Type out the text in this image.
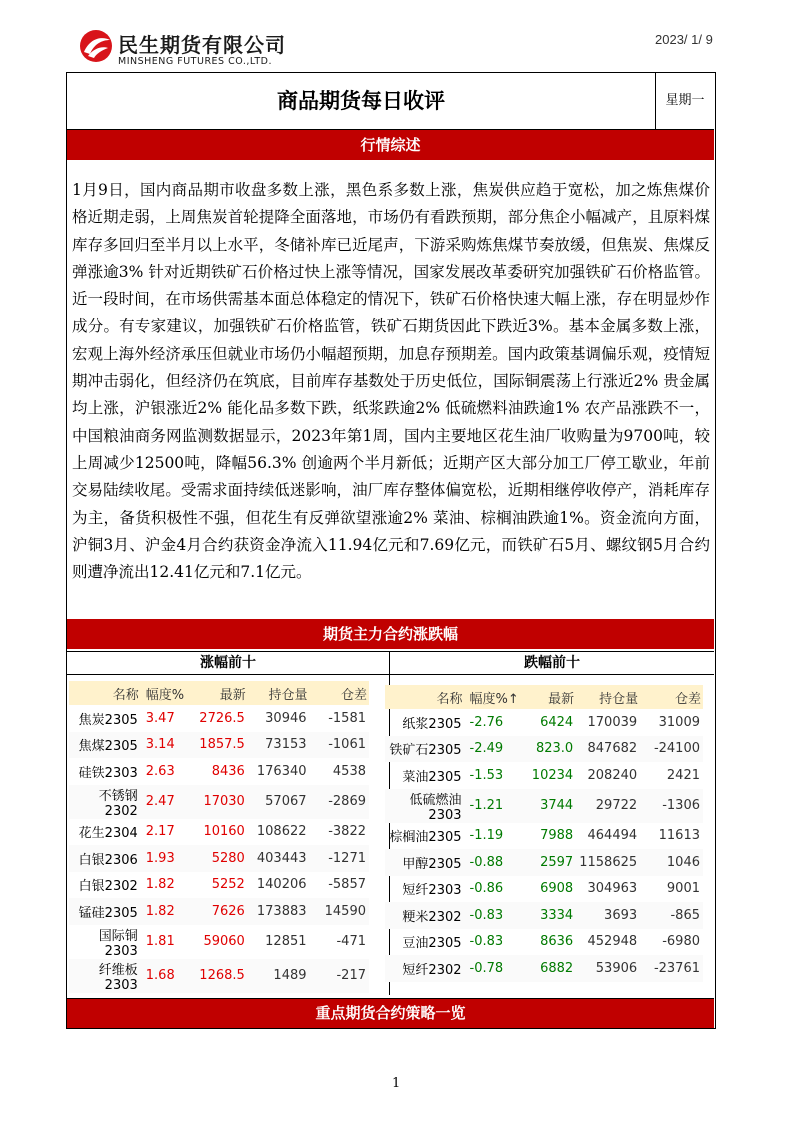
民生期货有限公司
MINSHENG FUTURES CO.,LTD.
2023/ 1/ 9
商品期货每日收评	星期一
行情综述
1月9日，国内商品期市收盘多数上涨，黑色系多数上涨，焦炭供应趋于宽松，加之炼焦煤价格近期走弱，上周焦炭首轮提降全面落地，市场仍有看跌预期，部分焦企小幅减产，且原料煤库存多回归至半月以上水平，冬储补库已近尾声，下游采购炼焦煤节奏放缓，但焦炭、焦煤反弹涨逾3% 针对近期铁矿石价格过快上涨等情况，国家发展改革委研究加强铁矿石价格监管。近一段时间，在市场供需基本面总体稳定的情况下，铁矿石价格快速大幅上涨，存在明显炒作成分。有专家建议，加强铁矿石价格监管，铁矿石期货因此下跌近3%。基本金属多数上涨，宏观上海外经济承压但就业市场仍小幅超预期，加息存预期差。国内政策基调偏乐观，疫情短期冲击弱化，但经济仍在筑底，目前库存基数处于历史低位，国际铜震荡上行涨近2% 贵金属均上涨，沪银涨近2% 能化品多数下跌，纸浆跌逾2% 低硫燃料油跌逾1% 农产品涨跌不一，中国粮油商务网监测数据显示，2023年第1周，国内主要地区花生油厂收购量为9700吨，较上周减少12500吨，降幅56.3% 创逾两个半月新低；近期产区大部分加工厂停工歇业，年前交易陆续收尾。受需求面持续低迷影响，油厂库存整体偏宽松，近期相继停收停产，消耗库存为主，备货积极性不强，但花生有反弹欲望涨逾2% 菜油、棕榈油跌逾1%。资金流向方面，沪铜3月、沪金4月合约获资金净流入11.94亿元和7.69亿元，而铁矿石5月、螺纹钢5月合约则遭净流出12.41亿元和7.1亿元。
期货主力合约涨跌幅
涨幅前十	跌幅前十
名称	幅度%	最新	持仓量	仓差
焦炭2305	3.47	2726.5	30946	-1581
焦煤2305	3.14	1857.5	73153	-1061
硅铁2303	2.63	8436	176340	4538
不锈钢2302	2.47	17030	57067	-2869
花生2304	2.17	10160	108622	-3822
白银2306	1.93	5280	403443	-1271
白银2302	1.82	5252	140206	-5857
锰硅2305	1.82	7626	173883	14590
国际铜2303	1.81	59060	12851	-471
纤维板2303	1.68	1268.5	1489	-217
名称	幅度%↑	最新	持仓量	仓差
纸浆2305	-2.76	6424	170039	31009
铁矿石2305	-2.49	823.0	847682	-24100
菜油2305	-1.53	10234	208240	2421
低硫燃油2303	-1.21	3744	29722	-1306
棕榈油2305	-1.19	7988	464494	11613
甲醇2305	-0.88	2597	1158625	1046
短纤2303	-0.86	6908	304963	9001
粳米2302	-0.83	3334	3693	-865
豆油2305	-0.83	8636	452948	-6980
短纤2302	-0.78	6882	53906	-23761
重点期货合约策略一览
1
